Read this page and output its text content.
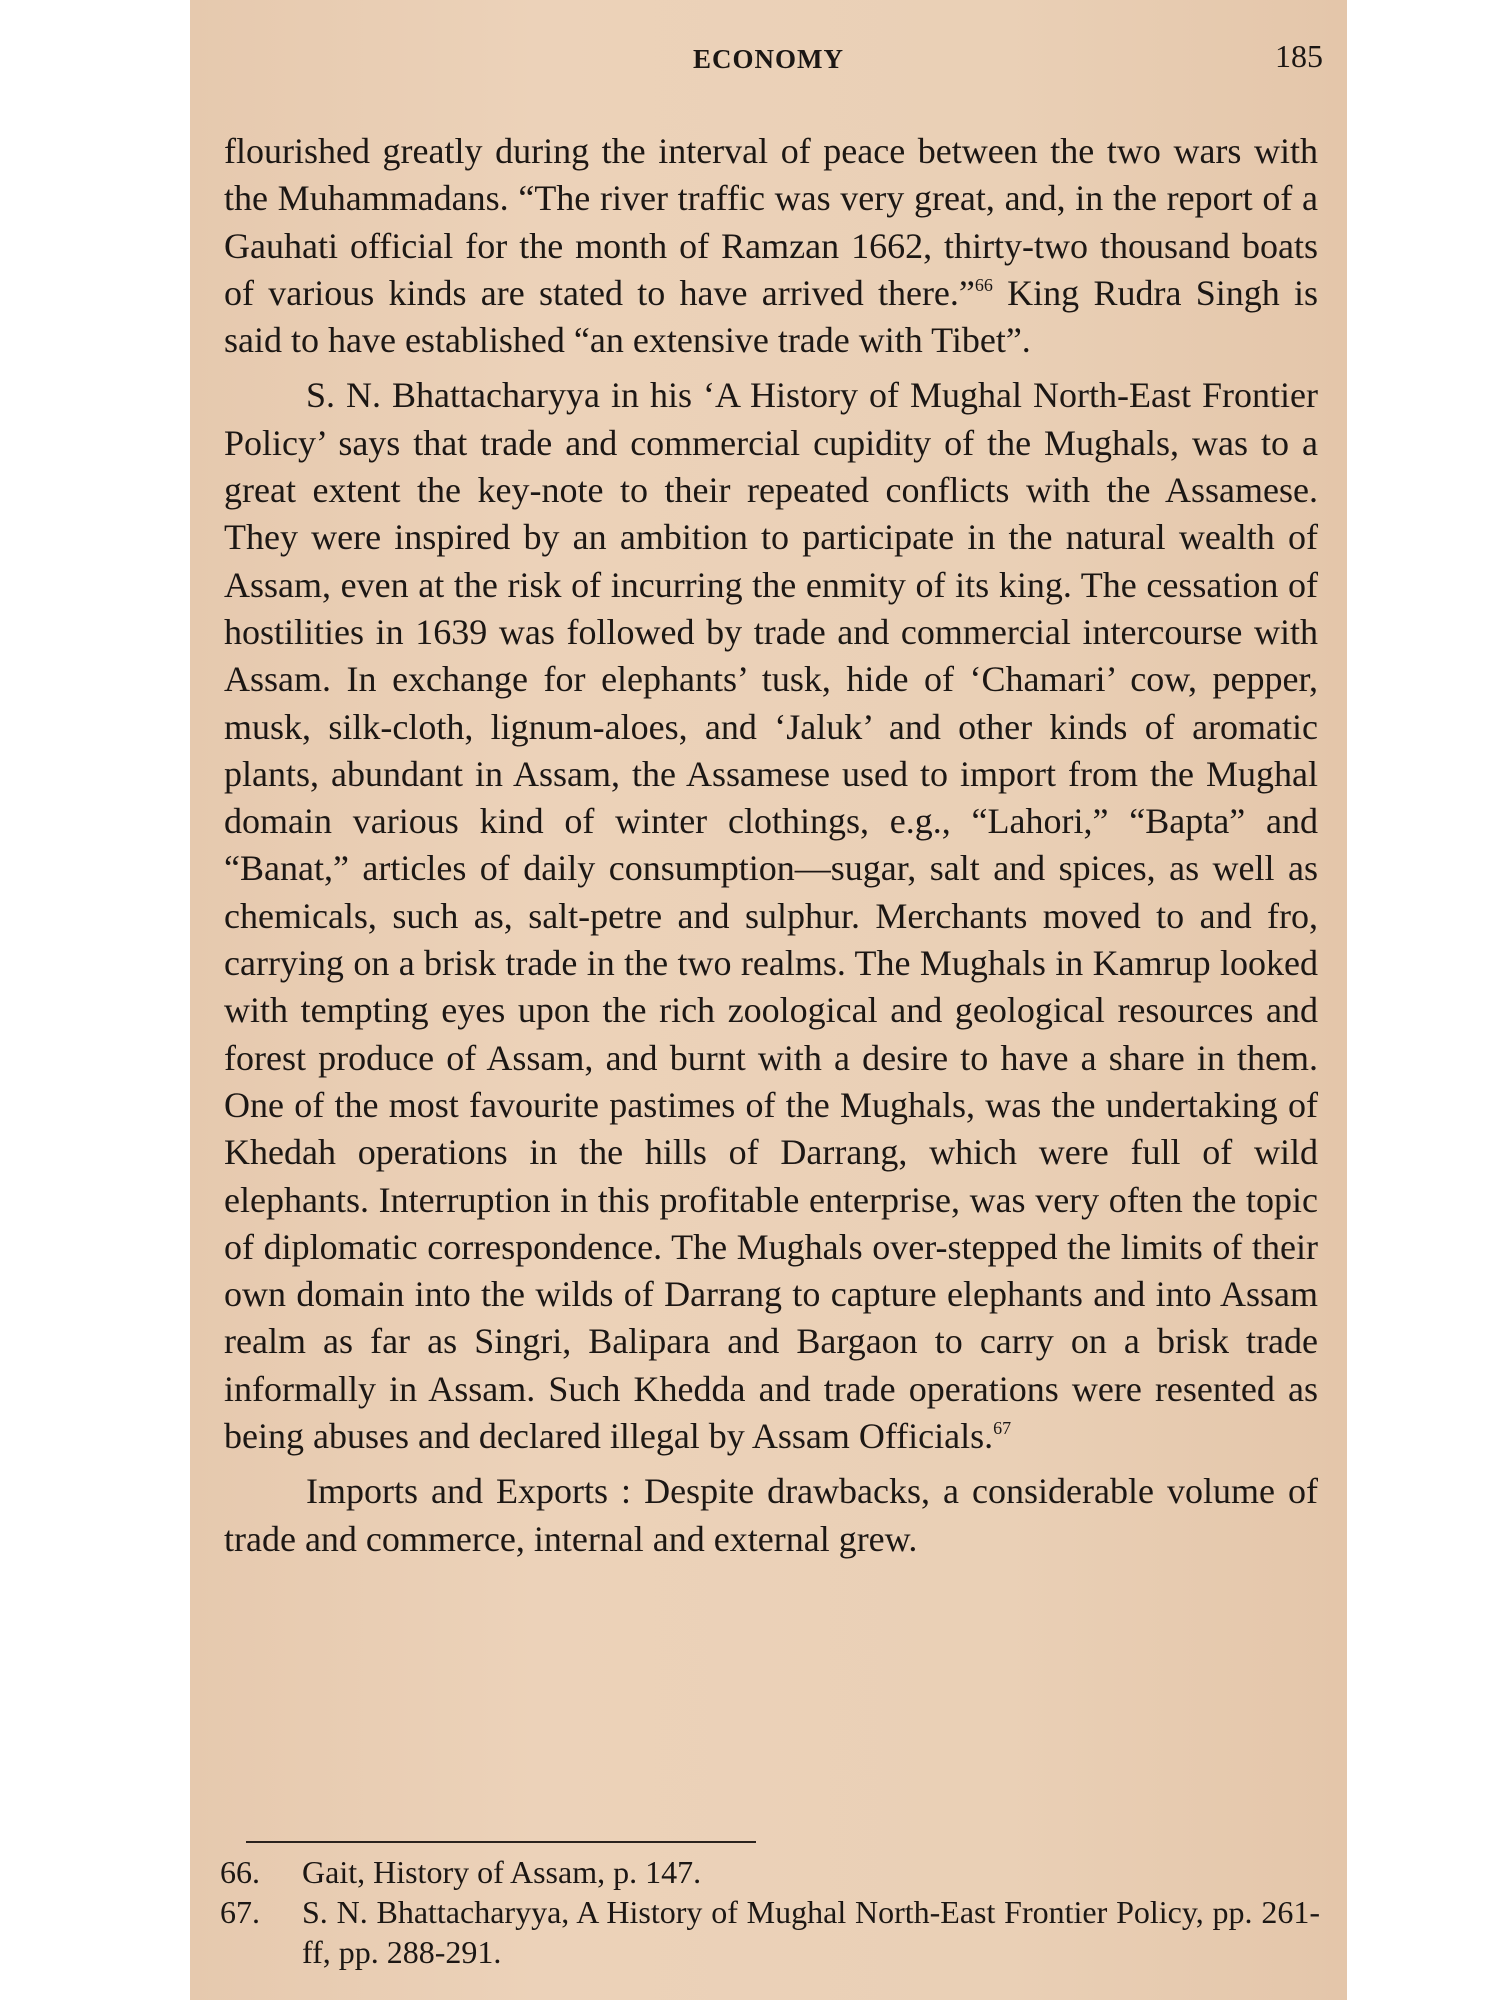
ECONOMY	185

flourished greatly during the interval of peace between the two wars with the Muhammadans. “The river traffic was very great, and, in the report of a Gauhati official for the month of Ramzan 1662, thirty-two thousand boats of various kinds are stated to have arrived there.”$^{66}$ King Rudra Singh is said to have established “an extensive trade with Tibet”.

S. N. Bhattacharyya in his ‘A History of Mughal North-East Frontier Policy’ says that trade and commercial cupidity of the Mughals, was to a great extent the key-note to their repeated conflicts with the Assamese. They were inspired by an ambition to participate in the natural wealth of Assam, even at the risk of incurring the enmity of its king. The cessation of hostilities in 1639 was followed by trade and commercial intercourse with Assam. In exchange for elephants’ tusk, hide of ‘Chamari’ cow, pepper, musk, silk-cloth, lignum-aloes, and ‘Jaluk’ and other kinds of aromatic plants, abundant in Assam, the Assamese used to import from the Mughal domain various kind of winter clothings, e.g., “Lahori,” “Bapta” and “Banat,” articles of daily consumption—sugar, salt and spices, as well as chemicals, such as, salt-petre and sulphur. Merchants moved to and fro, carrying on a brisk trade in the two realms. The Mughals in Kamrup looked with tempting eyes upon the rich zoological and geological resources and forest produce of Assam, and burnt with a desire to have a share in them. One of the most favourite pastimes of the Mughals, was the undertaking of Khedah operations in the hills of Darrang, which were full of wild elephants. Interruption in this profitable enterprise, was very often the topic of diplomatic correspondence. The Mughals over-stepped the limits of their own domain into the wilds of Darrang to capture elephants and into Assam realm as far as Singri, Balipara and Bargaon to carry on a brisk trade informally in Assam. Such Khedda and trade operations were resented as being abuses and declared illegal by Assam Officials.$^{67}$

Imports and Exports : Despite drawbacks, a considerable volume of trade and commerce, internal and external grew.

66.	Gait, History of Assam, p. 147.
67.	S. N. Bhattacharyya, A History of Mughal North-East Frontier Policy, pp. 261-ff, pp. 288-291.
